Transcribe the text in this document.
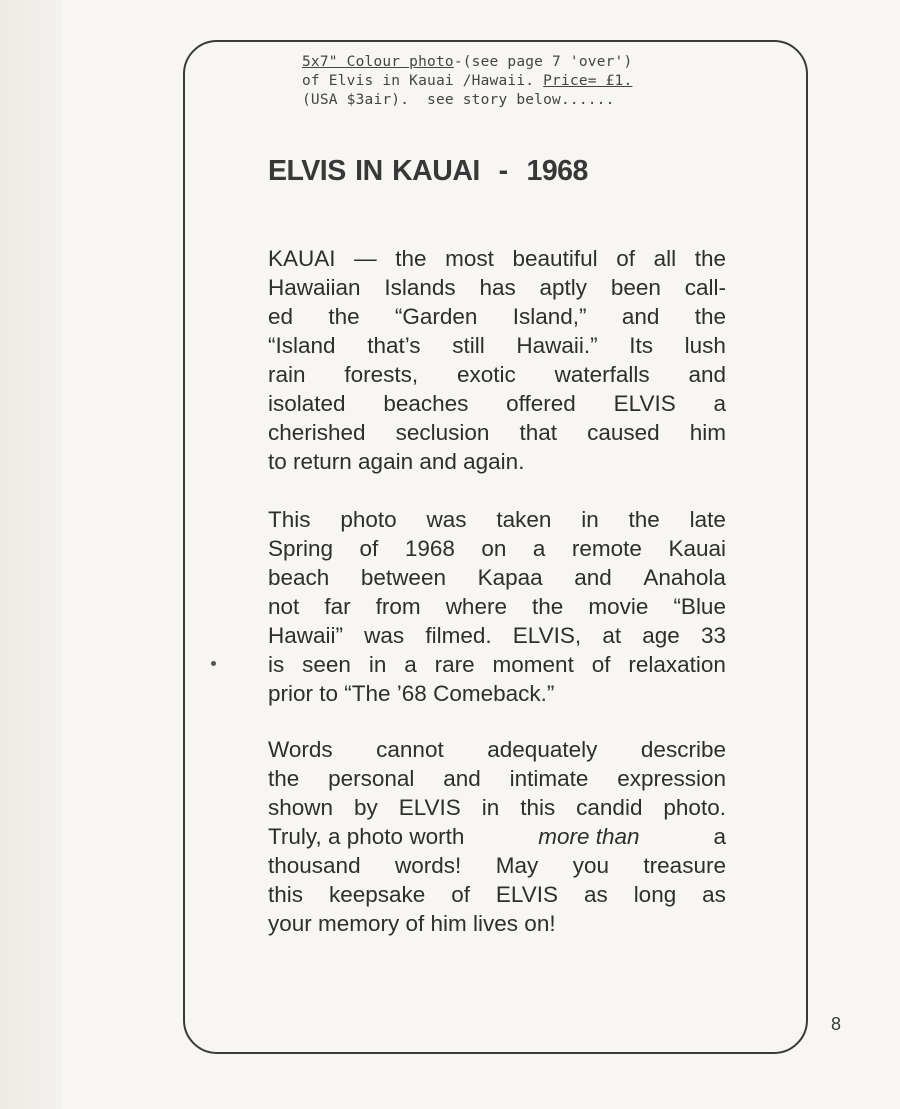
5x7" Colour photo-(see page 7 'over')
of Elvis in Kauai /Hawaii. Price= £1.
(USA $3air).  see story below......
ELVIS IN KAUAI  -  1968
KAUAI — the most beautiful of all the
Hawaiian Islands has aptly been call-
ed the “Garden Island,” and the
“Island that’s still Hawaii.” Its lush
rain forests, exotic waterfalls and
isolated beaches offered ELVIS a
cherished seclusion that caused him
to return again and again.
This photo was taken in the late
Spring of 1968 on a remote Kauai
beach between Kapaa and Anahola
not far from where the movie “Blue
Hawaii” was filmed. ELVIS, at age 33
is seen in a rare moment of relaxation
prior to “The ’68 Comeback.”
Words cannot adequately describe
the personal and intimate expression
shown by ELVIS in this candid photo.
Truly, a photo worth	more than	a
thousand words! May you treasure
this keepsake of ELVIS as long as
your memory of him lives on!
8
